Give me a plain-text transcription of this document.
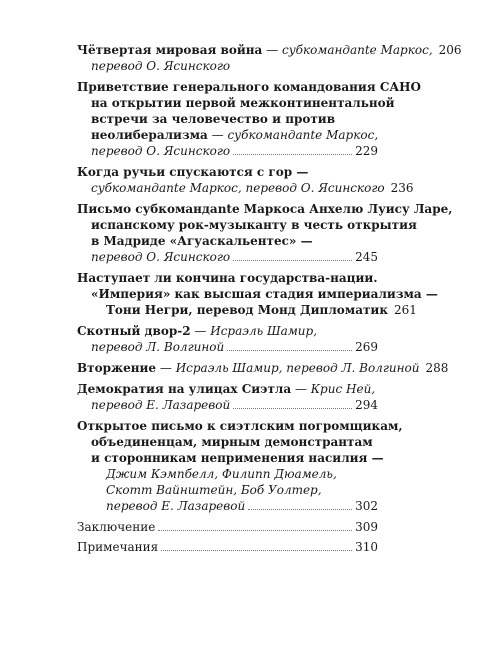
Чётвертая мировая война — субкомандante Маркос, 206
перевод О. Ясинского
Приветствие генерального командования САНО
на открытии первой межконтинентальной
встречи за человечество и против
неолиберализма — субкомандante Маркос,
перевод О. Ясинского	229
Когда ручьи спускаются с гор —
субкомандante Маркос, перевод О. Ясинского 236
Письмо субкомандante Маркоса Анхелю Луису Ларе,
испанскому рок-музыканту в честь открытия
в Мадриде «Агуаскальентес» —
перевод О. Ясинского	245
Наступает ли кончина государства-нации.
«Империя» как высшая стадия империализма —
Тони Негри, перевод Монд Дипломатик 261
Скотный двор-2 — Исраэль Шамир,
перевод Л. Волгиной	269
Вторжение — Исраэль Шамир, перевод Л. Волгиной 288
Демократия на улицах Сиэтла — Крис Ней,
перевод Е. Лазаревой	294
Открытое письмо к сиэтлским погромщикам,
объединенцам, мирным демонстрантам
и сторонникам неприменения насилия —
Джим Кэмпбелл, Филипп Дюамель,
Скотт Вайнштейн, Боб Уолтер,
перевод Е. Лазаревой	302
Заключение	309
Примечания	310
